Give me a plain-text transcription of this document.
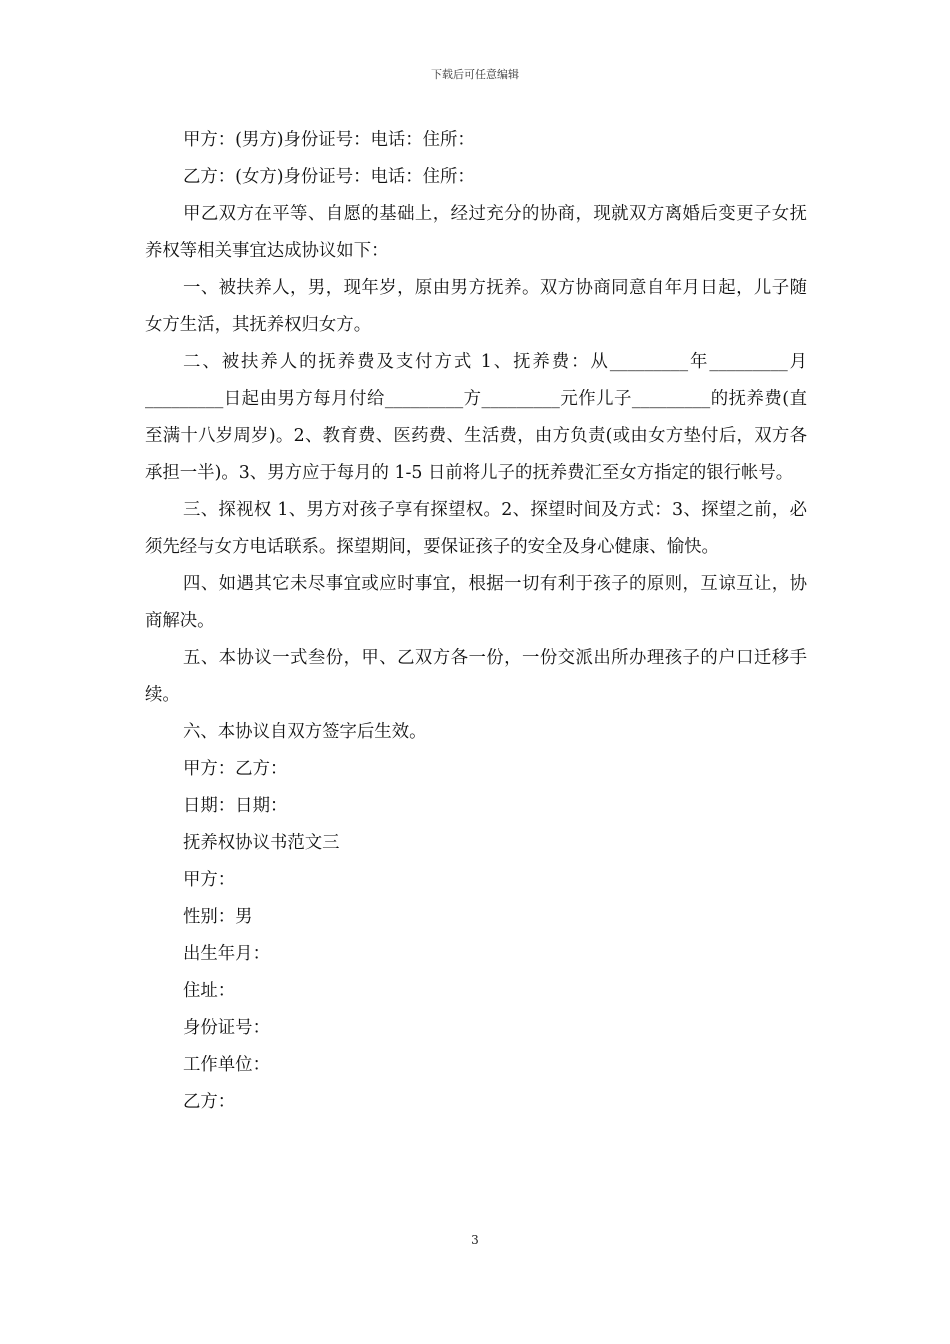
下载后可任意编辑

甲方：(男方)身份证号：电话：住所：

乙方：(女方)身份证号：电话：住所：

甲乙双方在平等、自愿的基础上，经过充分的协商，现就双方离婚后变更子女抚养权等相关事宜达成协议如下：

一、被扶养人，男，现年岁，原由男方抚养。双方协商同意自年月日起，儿子随女方生活，其抚养权归女方。

二、被扶养人的抚养费及支付方式 1、抚养费：从_________年_________月_________日起由男方每月付给_________方_________元作儿子_________的抚养费(直至满十八岁周岁)。2、教育费、医药费、生活费，由方负责(或由女方垫付后，双方各承担一半)。3、男方应于每月的 1-5 日前将儿子的抚养费汇至女方指定的银行帐号。

三、探视权 1、男方对孩子享有探望权。2、探望时间及方式：3、探望之前，必须先经与女方电话联系。探望期间，要保证孩子的安全及身心健康、愉快。

四、如遇其它未尽事宜或应时事宜，根据一切有利于孩子的原则，互谅互让，协商解决。

五、本协议一式叁份，甲、乙双方各一份，一份交派出所办理孩子的户口迁移手续。

六、本协议自双方签字后生效。

甲方：乙方：

日期：日期：

抚养权协议书范文三

甲方：

性别：男

出生年月：

住址：

身份证号：

工作单位：

乙方：

3
